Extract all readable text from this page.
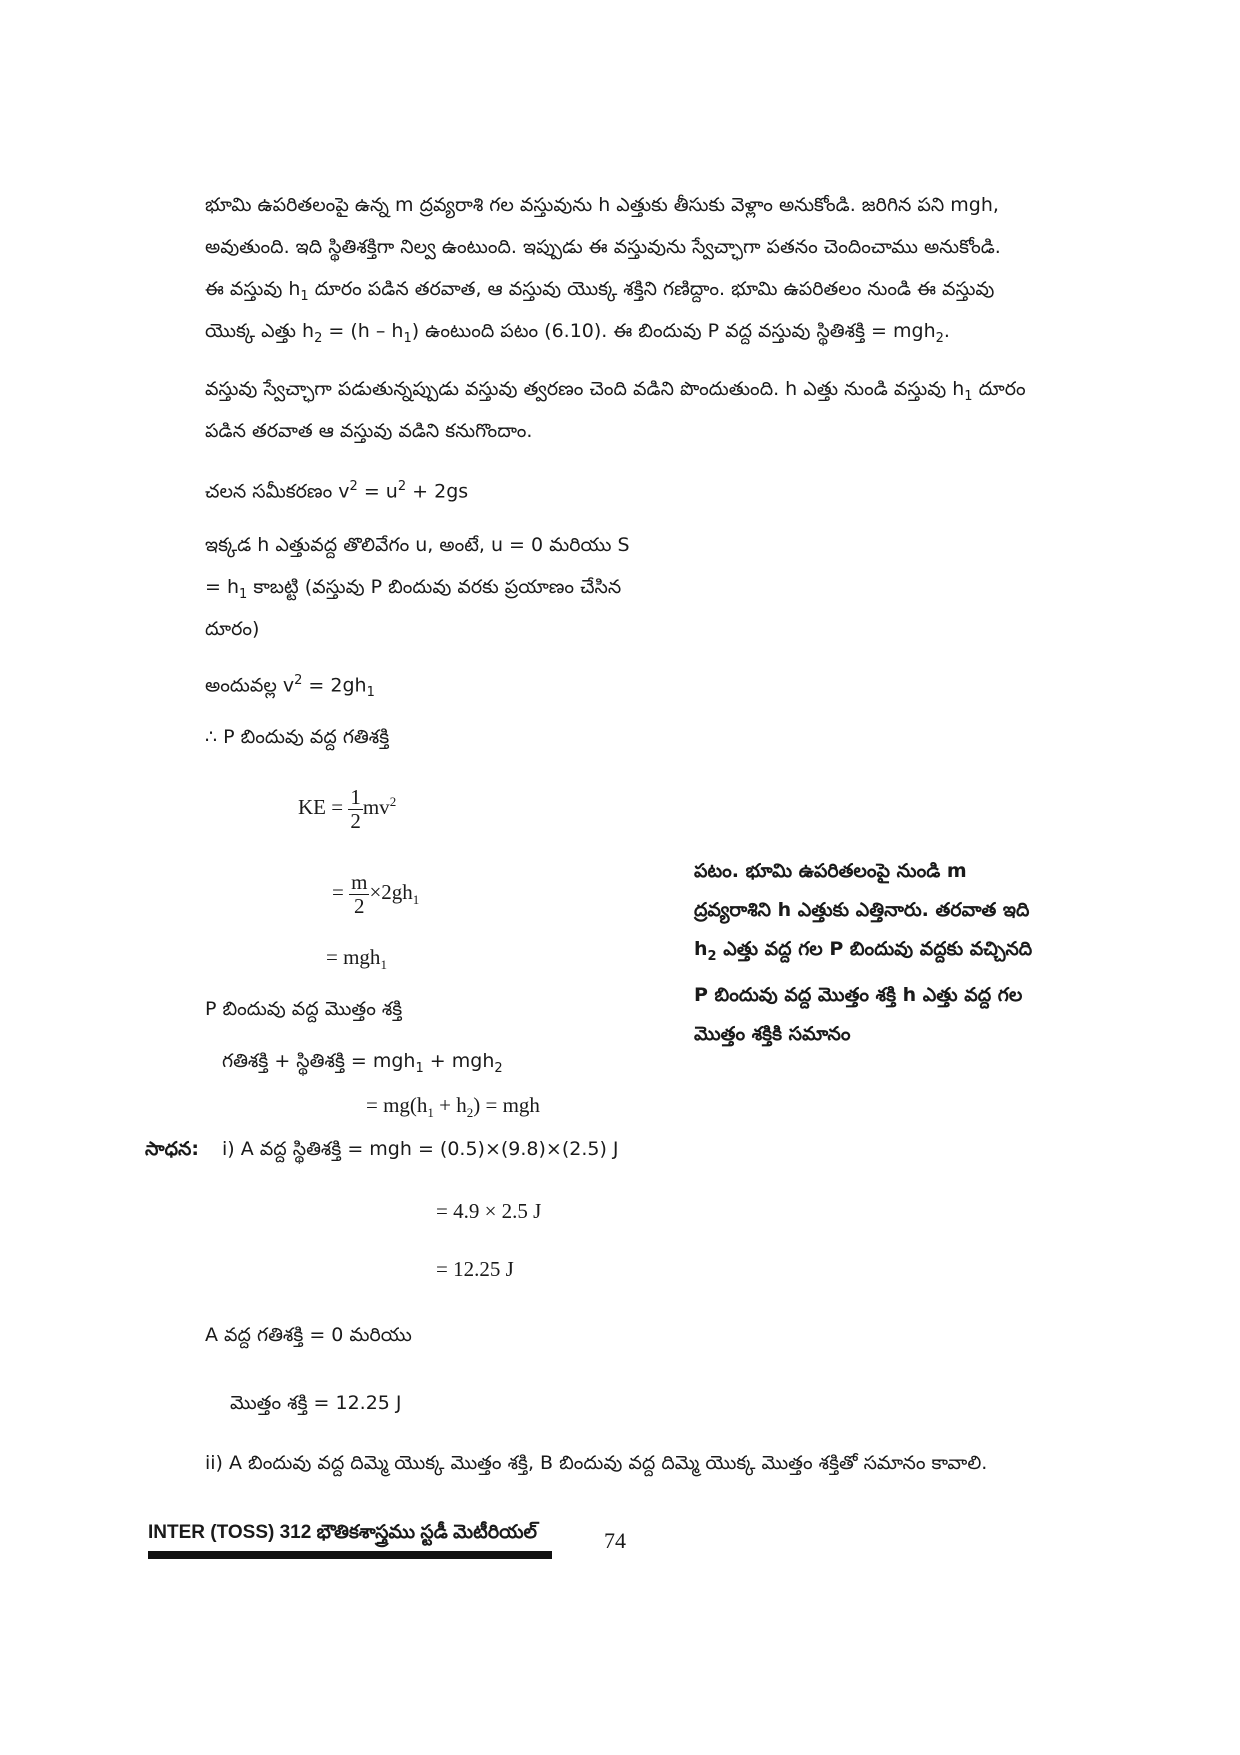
భూమి ఉపరితలంపై ఉన్న m ద్రవ్యరాశి గల వస్తువును h ఎత్తుకు తీసుకు వెళ్లాం అనుకోండి. జరిగిన పని mgh,
అవుతుంది. ఇది స్థితిశక్తిగా నిల్వ ఉంటుంది. ఇప్పుడు ఈ వస్తువును స్వేచ్ఛాగా పతనం చెందించాము అనుకోండి.
ఈ వస్తువు $h_1$ దూరం పడిన తరవాత, ఆ వస్తువు యొక్క శక్తిని గణిద్దాం. భూమి ఉపరితలం నుండి ఈ వస్తువు
యొక్క ఎత్తు $h_2 = (h - h_1)$ ఉంటుంది పటం (6.10). ఈ బిందువు P వద్ద వస్తువు స్థితిశక్తి = mgh$_2$.
వస్తువు స్వేచ్ఛాగా పడుతున్నప్పుడు వస్తువు త్వరణం చెంది వడిని పొందుతుంది. h ఎత్తు నుండి వస్తువు $h_1$ దూరం
పడిన తరవాత ఆ వస్తువు వడిని కనుగొందాం.
చలన సమీకరణం $v^2 = u^2 + 2gs$
ఇక్కడ h ఎత్తువద్ద తొలివేగం u, అంటే, u = 0 మరియు S
= $h_1$ కాబట్టి (వస్తువు P బిందువు వరకు ప్రయాణం చేసిన
దూరం)
అందువల్ల $v^2 = 2gh_1$
∴ P బిందువు వద్ద గతిశక్తి
KE = $\frac{1}{2} mv^2$
= $\frac{m}{2} \times 2gh_1$
= mgh$_1$
P బిందువు వద్ద మొత్తం శక్తి
గతిశక్తి + స్థితిశక్తి = mgh$_1$ + mgh$_2$
= $mg(h_1 + h_2)$ = mgh
సాధన: i) A వద్ద స్థితిశక్తి = mgh = (0.5)×(9.8)×(2.5) J
= 4.9 × 2.5 J
= 12.25 J
A వద్ద గతిశక్తి = 0 మరియు
మొత్తం శక్తి = 12.25 J
ii) A బిందువు వద్ద దిమ్మె యొక్క మొత్తం శక్తి, B బిందువు వద్ద దిమ్మె యొక్క మొత్తం శక్తితో సమానం కావాలి.
పటం. భూమి ఉపరితలంపై నుండి m
ద్రవ్యరాశిని h ఎత్తుకు ఎత్తినారు. తరవాత ఇది
$h_2$ ఎత్తు వద్ద గల P బిందువు వద్దకు వచ్చినది
P బిందువు వద్ద మొత్తం శక్తి h ఎత్తు వద్ద గల
మొత్తం శక్తికి సమానం
INTER (TOSS) 312 భౌతికశాస్త్రము స్టడీ మెటీరియల్	74
